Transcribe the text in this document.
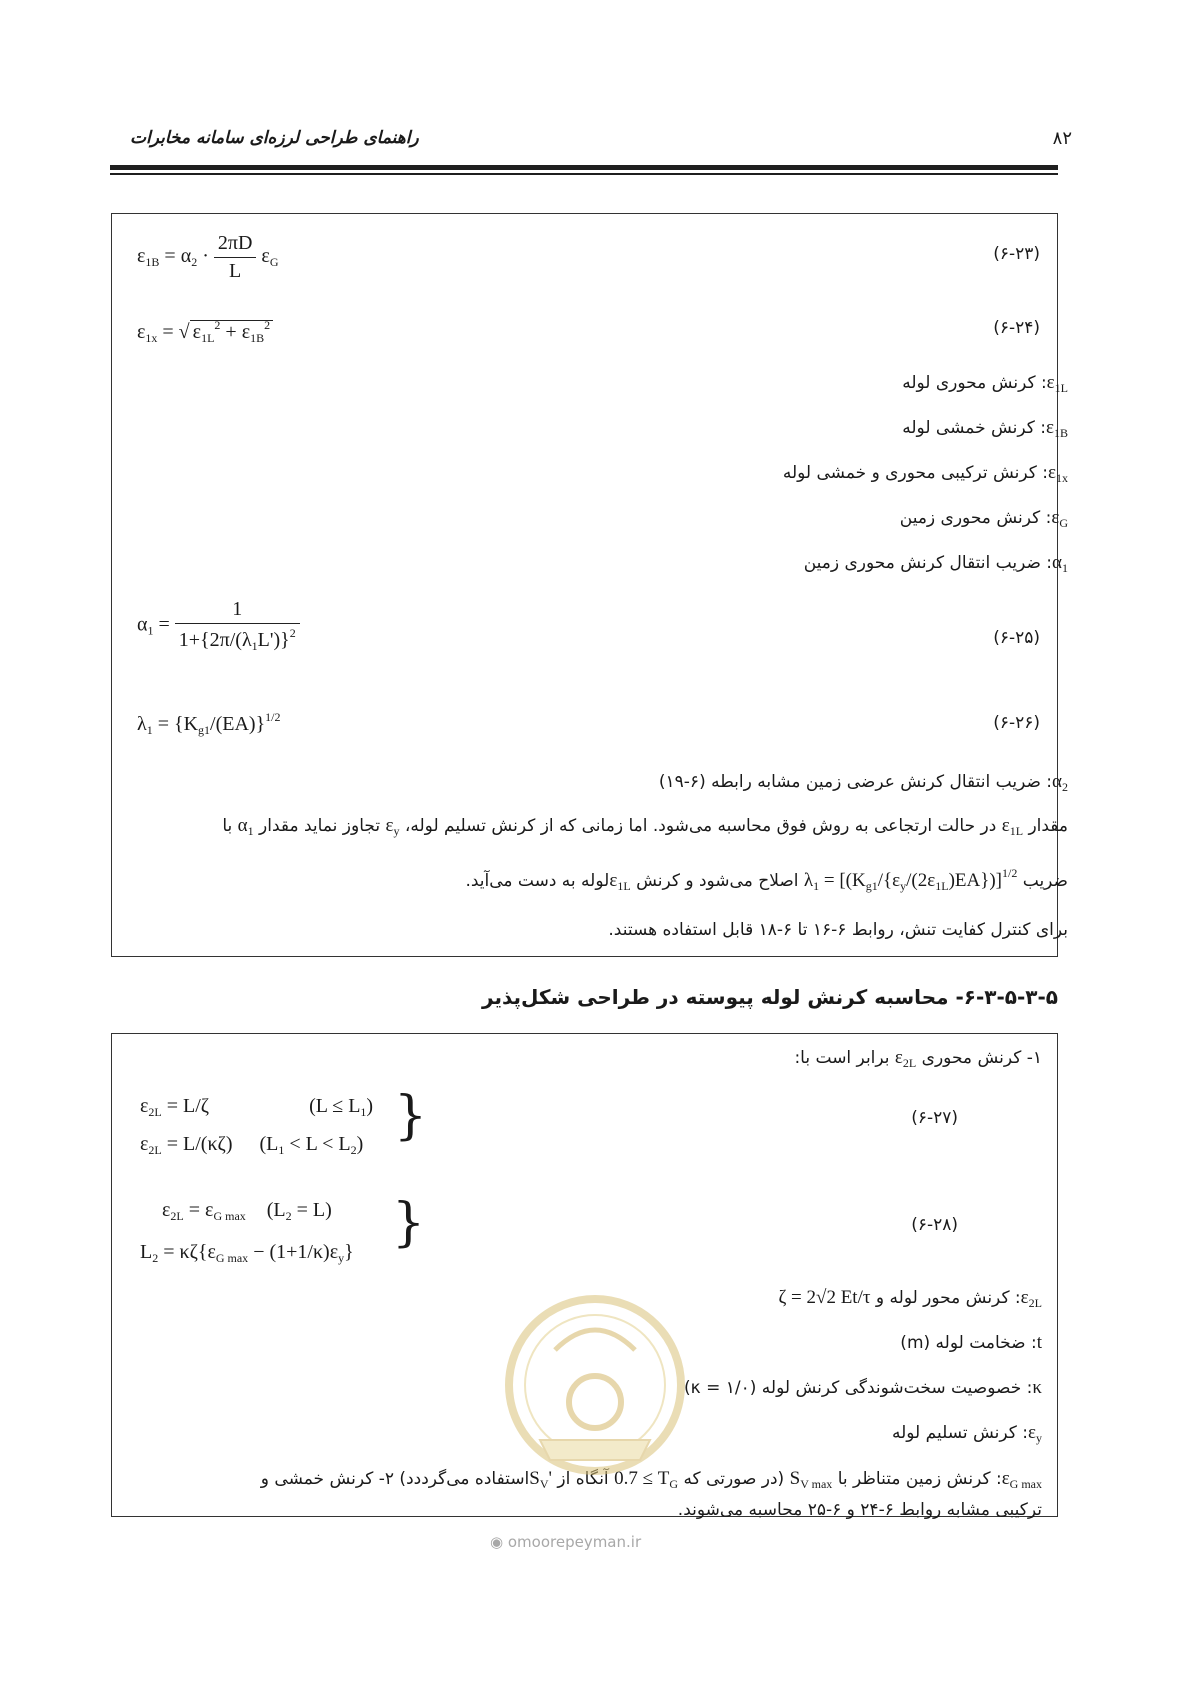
راهنمای طراحی لرزه‌ای سامانه مخابرات	۸۲
$\varepsilon_{1B} = \alpha_2 \cdot \frac{2\pi D}{L} \varepsilon_G$	(۶-۲۳)
$\varepsilon_{1x}$ = √ $\varepsilon_{1L}^2 + \varepsilon_{1B}^2$	(۶-۲۴)
$\varepsilon_{1L}$: کرنش محوری لوله
$\varepsilon_{1B}$: کرنش خمشی لوله
$\varepsilon_{1x}$: کرنش ترکیبی محوری و خمشی لوله
$\varepsilon_G$: کرنش محوری زمین
$\alpha_1$: ضریب انتقال کرنش محوری زمین
$\alpha_1 = \frac{1}{1+\{2\pi/(\lambda_1L')\}^2}$	(۶-۲۵)
$\lambda_1 = \{K_{g1}/(EA)\}^{1/2}$	(۶-۲۶)
$\alpha_2$: ضریب انتقال کرنش عرضی زمین مشابه رابطه (۶-۱۹)
مقدار $\varepsilon_{1L}$ در حالت ارتجاعی به روش فوق محاسبه می‌شود. اما زمانی که از کرنش تسلیم لوله، $\varepsilon_y$ تجاوز نماید مقدار $\alpha_1$ با
ضریب $\lambda_1 = [(K_{g1}/\{\varepsilon_y/(2\varepsilon_{1L})EA\})]^{1/2}$ اصلاح می‌شود و کرنش $\varepsilon_{1L}لوله$ به دست می‌آید.
برای کنترل کفایت تنش، روابط ۶-۱۶ تا ۶-۱۸ قابل استفاده هستند.
۶-۳-۵-۳-۵- محاسبه کرنش لوله پیوسته در طراحی شکل‌پذیر
۱- کرنش محوری $\varepsilon_{2L}$ برابر است با:
$\varepsilon_{2L} = L/\zeta$	$(L \le L_1)$
$\varepsilon_{2L} = L/(\kappa\zeta) (L_1 < L < L_2)$ }	(۶-۲۷)
$\varepsilon_{2L} = \varepsilon_{G max}$ $(L_2 = L)$
$L_2 = \kappa\zeta\{\varepsilon_{G max} - (1+1/\kappa)\varepsilon_y\}$ }	(۶-۲۸)
$\varepsilon_{2L}$: کرنش محور لوله و ζ = 2√2 Et/τ
t: ضخامت لوله (m)
κ: خصوصیت سخت‌شوندگی کرنش لوله (۱/۰ = κ)
$\varepsilon_y$: کرنش تسلیم لوله
$\varepsilon_{G max}$: کرنش زمین متناظر با $S_{V max}$ (در صورتی که $0.7 \le T_G$ آنگاه از $S_V'استفاده$ می‌گرددد) ۲- کرنش خمشی و
ترکیبی مشابه روابط ۶-۲۴ و ۶-۲۵ محاسبه می‌شوند.
◉ omoorepeyman.ir
